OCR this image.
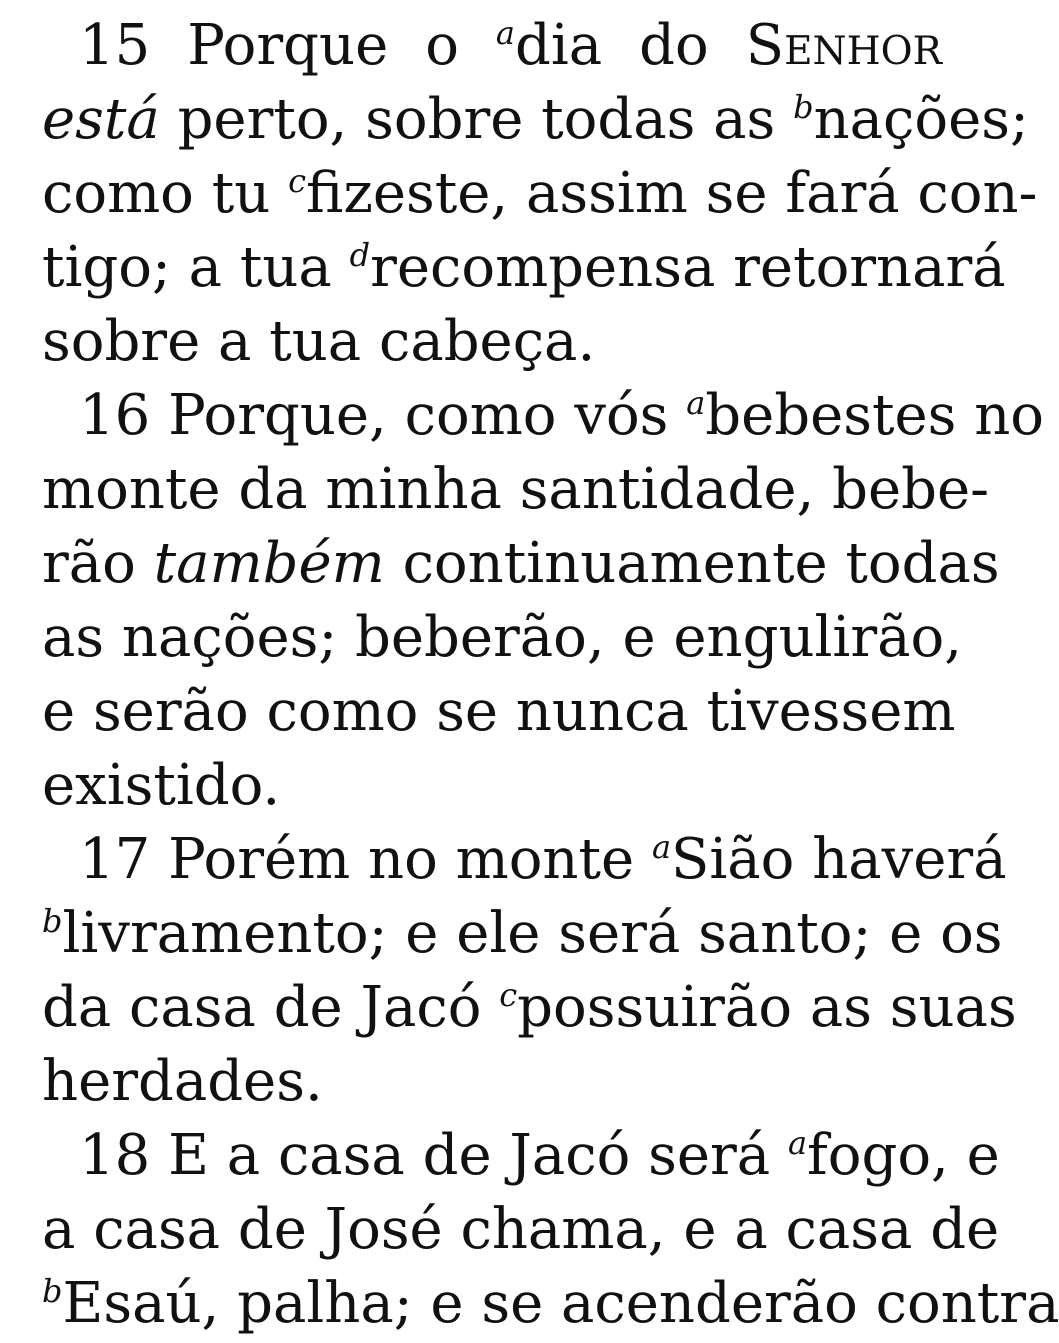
15 Porque o $^a$dia do Senhor
está perto, sobre todas as $^b$nações;
como tu $^c$fizeste, assim se fará con-
tigo; a tua $^d$recompensa retornará
sobre a tua cabeça.
16 Porque, como vós $^a$bebestes no
monte da minha santidade, bebe-
rão também continuamente todas
as nações; beberão, e engulirão,
e serão como se nunca tivessem
existido.
17 Porém no monte $^a$Sião haverá
$^b$livramento; e ele será santo; e os
da casa de Jacó $^c$possuirão as suas
herdades.
18 E a casa de Jacó será $^a$fogo, e
a casa de José chama, e a casa de
$^b$Esaú, palha; e se acenderão contra
